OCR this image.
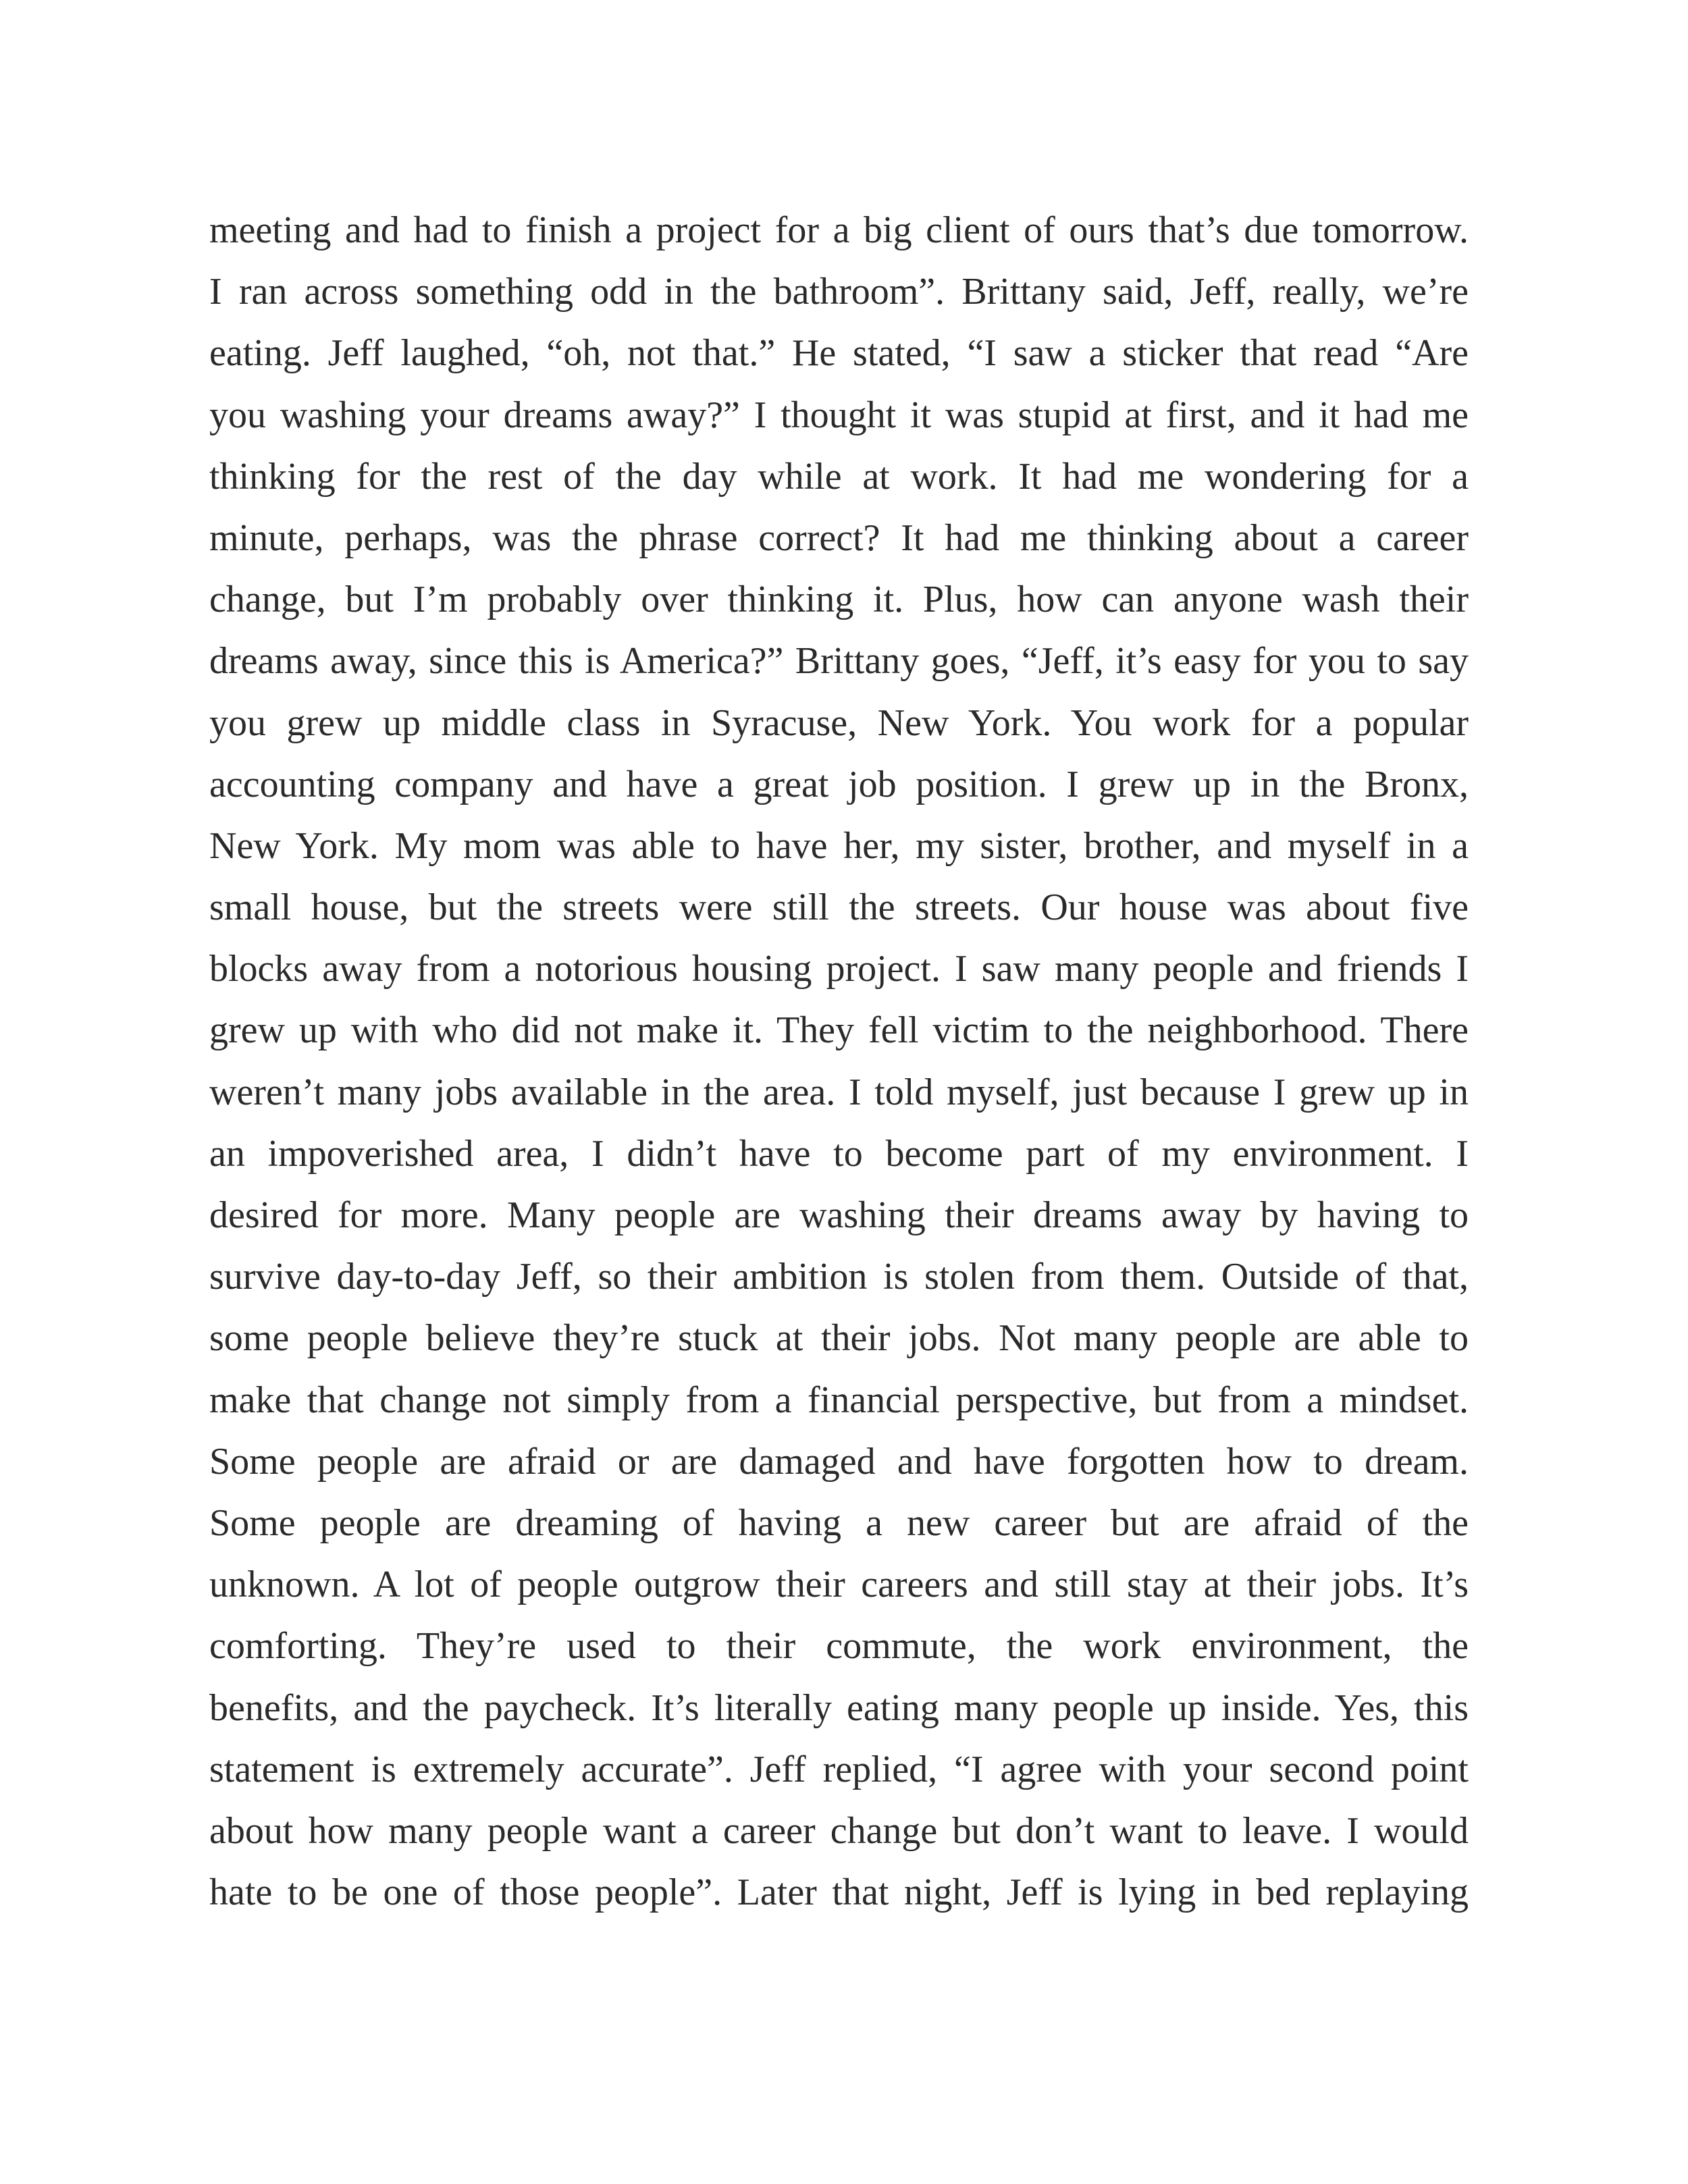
meeting and had to finish a project for a big client of ours that’s due tomorrow.
I ran across something odd in the bathroom”. Brittany said, Jeff, really, we’re
eating. Jeff laughed, “oh, not that.” He stated, “I saw a sticker that read “Are
you washing your dreams away?” I thought it was stupid at first, and it had me
thinking for the rest of the day while at work. It had me wondering for a
minute, perhaps, was the phrase correct? It had me thinking about a career
change, but I’m probably over thinking it. Plus, how can anyone wash their
dreams away, since this is America?” Brittany goes, “Jeff, it’s easy for you to say
you grew up middle class in Syracuse, New York. You work for a popular
accounting company and have a great job position. I grew up in the Bronx,
New York. My mom was able to have her, my sister, brother, and myself in a
small house, but the streets were still the streets. Our house was about five
blocks away from a notorious housing project. I saw many people and friends I
grew up with who did not make it. They fell victim to the neighborhood. There
weren’t many jobs available in the area. I told myself, just because I grew up in
an impoverished area, I didn’t have to become part of my environment. I
desired for more. Many people are washing their dreams away by having to
survive day-to-day Jeff, so their ambition is stolen from them. Outside of that,
some people believe they’re stuck at their jobs. Not many people are able to
make that change not simply from a financial perspective, but from a mindset.
Some people are afraid or are damaged and have forgotten how to dream.
Some people are dreaming of having a new career but are afraid of the
unknown. A lot of people outgrow their careers and still stay at their jobs. It’s
comforting. They’re used to their commute, the work environment, the
benefits, and the paycheck. It’s literally eating many people up inside. Yes, this
statement is extremely accurate”. Jeff replied, “I agree with your second point
about how many people want a career change but don’t want to leave. I would
hate to be one of those people”. Later that night, Jeff is lying in bed replaying
